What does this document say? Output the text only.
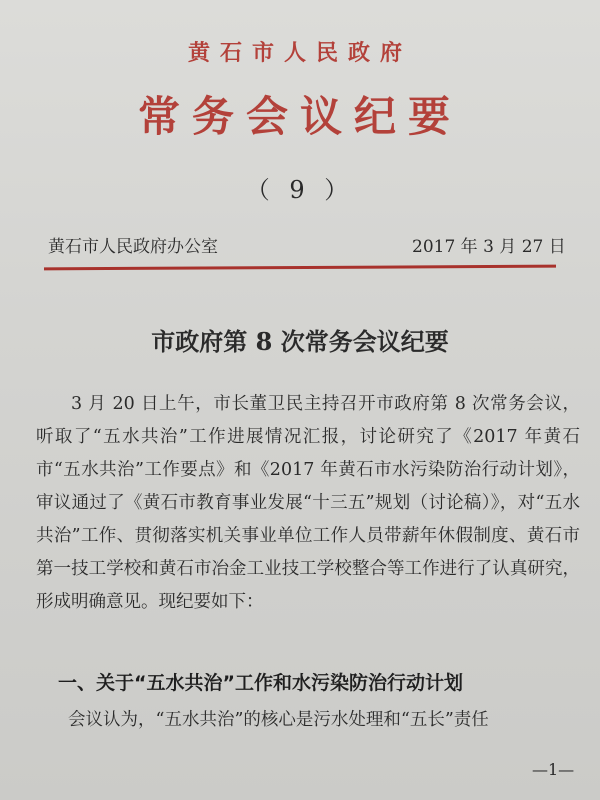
黄石市人民政府
常务会议纪要
（ 9 ）
黄石市人民政府办公室	2017 年 3 月 27 日
市政府第 8 次常务会议纪要

3 月 20 日上午，市长董卫民主持召开市政府第 8 次常务会议，听取了“五水共治”工作进展情况汇报，讨论研究了《2017 年黄石市“五水共治”工作要点》和《2017 年黄石市水污染防治行动计划》，审议通过了《黄石市教育事业发展“十三五”规划（讨论稿）》，对“五水共治”工作、贯彻落实机关事业单位工作人员带薪年休假制度、黄石市第一技工学校和黄石市冶金工业技工学校整合等工作进行了认真研究，形成明确意见。现纪要如下：

一、关于“五水共治”工作和水污染防治行动计划

会议认为，“五水共治”的核心是污水处理和“五长”责任

—1—
